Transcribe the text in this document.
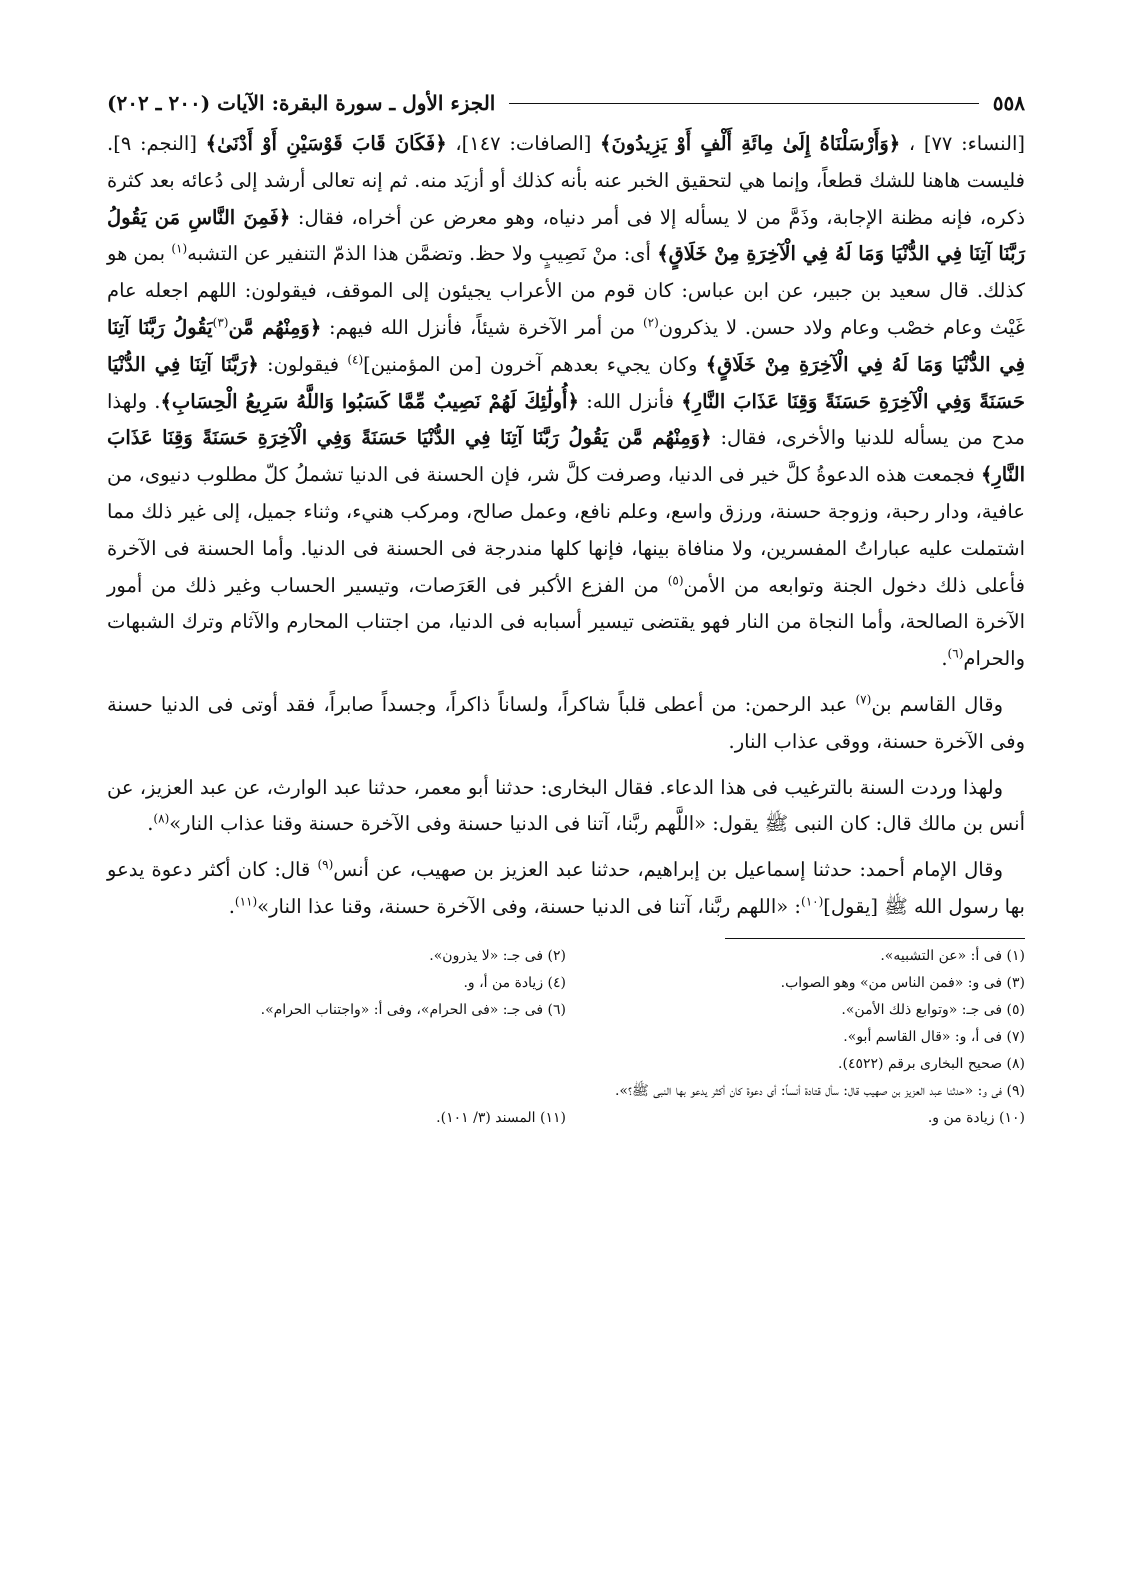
٥٥٨
الجزء الأول ـ سورة البقرة: الآيات (٢٠٠ ـ ٢٠٢)

[النساء: ٧٧] ، ﴿وَأَرْسَلْنَاهُ إِلَىٰ مِائَةِ أَلْفٍ أَوْ يَزِيدُونَ﴾ [الصافات: ١٤٧]، ﴿فَكَانَ قَابَ قَوْسَيْنِ أَوْ أَدْنَىٰ﴾ [النجم: ٩]. فليست هاهنا للشك قطعاً، وإنما هي لتحقيق الخبر عنه بأنه كذلك أو أزيَد منه. ثم إنه تعالى أرشد إلى دُعائه بعد كثرة ذكره، فإنه مظنة الإجابة، وذَمَّ من لا يسأله إلا فى أمر دنياه، وهو معرض عن أخراه، فقال: ﴿فَمِنَ النَّاسِ مَن يَقُولُ رَبَّنَا آتِنَا فِي الدُّنْيَا وَمَا لَهُ فِي الْآخِرَةِ مِنْ خَلَاقٍ﴾ أى: منْ نَصِيبٍ ولا حظ. وتضمَّن هذا الذمّ التنفير عن التشبه$^{(١)}$ بمن هو كذلك. قال سعيد بن جبير، عن ابن عباس: كان قوم من الأعراب يجيئون إلى الموقف، فيقولون: اللهم اجعله عام غَيْث وعام خصْب وعام ولاد حسن. لا يذكرون$^{(٢)}$ من أمر الآخرة شيئاً، فأنزل الله فيهم: ﴿وَمِنْهُم مَّن$^{(٣)}$يَقُولُ رَبَّنَا آتِنَا فِي الدُّنْيَا وَمَا لَهُ فِي الْآخِرَةِ مِنْ خَلَاقٍ﴾ وكان يجيء بعدهم آخرون [من المؤمنين]$^{(٤)}$ فيقولون: ﴿رَبَّنَا آتِنَا فِي الدُّنْيَا حَسَنَةً وَفِي الْآخِرَةِ حَسَنَةً وَقِنَا عَذَابَ النَّارِ﴾ فأنزل الله: ﴿أُولَٰئِكَ لَهُمْ نَصِيبٌ مِّمَّا كَسَبُوا وَاللَّهُ سَرِيعُ الْحِسَابِ﴾. ولهذا مدح من يسأله للدنيا والأخرى، فقال: ﴿وَمِنْهُم مَّن يَقُولُ رَبَّنَا آتِنَا فِي الدُّنْيَا حَسَنَةً وَفِي الْآخِرَةِ حَسَنَةً وَقِنَا عَذَابَ النَّارِ﴾ فجمعت هذه الدعوةُ كلَّ خير فى الدنيا، وصرفت كلَّ شر، فإن الحسنة فى الدنيا تشملُ كلّ مطلوب دنيوى، من عافية، ودار رحبة، وزوجة حسنة، ورزق واسع، وعلم نافع، وعمل صالح، ومركب هنيء، وثناء جميل، إلى غير ذلك مما اشتملت عليه عباراتُ المفسرين، ولا منافاة بينها، فإنها كلها مندرجة فى الحسنة فى الدنيا. وأما الحسنة فى الآخرة فأعلى ذلك دخول الجنة وتوابعه من الأمن$^{(٥)}$ من الفزع الأكبر فى العَرَصات، وتيسير الحساب وغير ذلك من أمور الآخرة الصالحة، وأما النجاة من النار فهو يقتضى تيسير أسبابه فى الدنيا، من اجتناب المحارم والآثام وترك الشبهات والحرام$^{(٦)}$.

وقال القاسم بن$^{(٧)}$ عبد الرحمن: من أعطى قلباً شاكراً، ولساناً ذاكراً، وجسداً صابراً، فقد أوتى فى الدنيا حسنة وفى الآخرة حسنة، ووقى عذاب النار.

ولهذا وردت السنة بالترغيب فى هذا الدعاء. فقال البخارى: حدثنا أبو معمر، حدثنا عبد الوارث، عن عبد العزيز، عن أنس بن مالك قال: كان النبى ﷺ يقول: «اللَّهم ربَّنا، آتنا فى الدنيا حسنة وفى الآخرة حسنة وقنا عذاب النار»$^{(٨)}$.

وقال الإمام أحمد: حدثنا إسماعيل بن إبراهيم، حدثنا عبد العزيز بن صهيب، عن أنس$^{(٩)}$ قال: كان أكثر دعوة يدعو بها رسول الله ﷺ [يقول]$^{(١٠)}$: «اللهم ربَّنا، آتنا فى الدنيا حسنة، وفى الآخرة حسنة، وقنا عذا النار»$^{(١١)}$.

(١) فى أ: «عن التشبيه».
(٢) فى جـ: «لا يذرون».
(٣) فى و: «فمن الناس من» وهو الصواب.
(٤) زيادة من أ، و.
(٥) فى جـ: «وتوابع ذلك الأمن».
(٦) فى جـ: «فى الحرام»، وفى أ: «واجتناب الحرام».
(٧) فى أ، و: «قال القاسم أبو».
(٨) صحيح البخارى برقم (٤٥٢٢).
(٩) فى و: «حدثنا عبد العزيز بن صهيب قال: سأل قتادة أنساً: أى دعوة كان أكثر يدعو بها النبى ﷺ؟».
(١٠) زيادة من و.
(١١) المسند (٣/ ١٠١).
